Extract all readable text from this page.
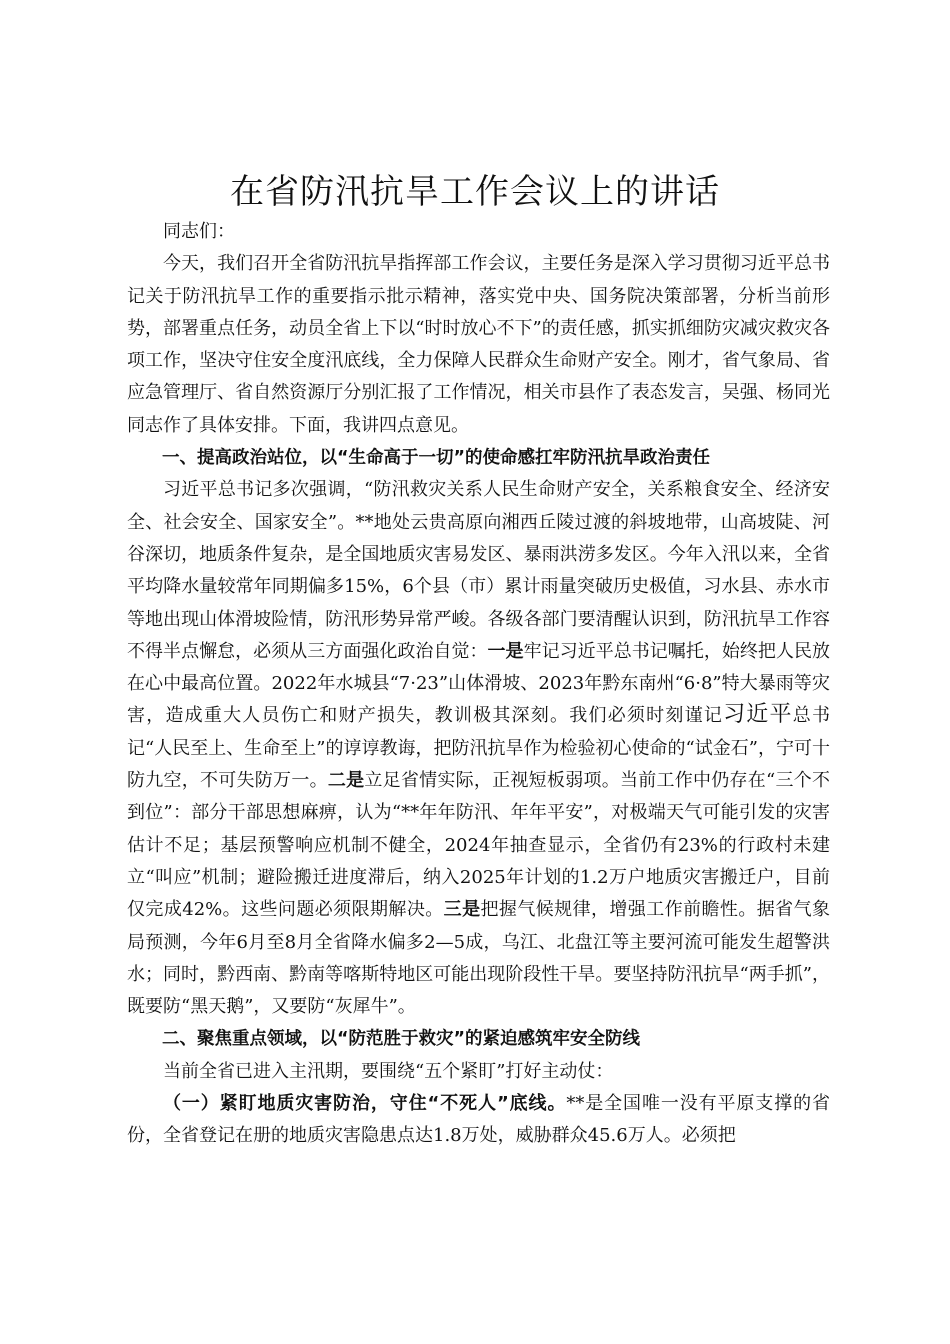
在省防汛抗旱工作会议上的讲话

同志们：

今天，我们召开全省防汛抗旱指挥部工作会议，主要任务是深入学习贯彻习近平总书记关于防汛抗旱工作的重要指示批示精神，落实党中央、国务院决策部署，分析当前形势，部署重点任务，动员全省上下以“时时放心不下”的责任感，抓实抓细防灾减灾救灾各项工作，坚决守住安全度汛底线，全力保障人民群众生命财产安全。刚才，省气象局、省应急管理厅、省自然资源厅分别汇报了工作情况，相关市县作了表态发言，吴强、杨同光同志作了具体安排。下面，我讲四点意见。

一、提高政治站位，以“生命高于一切”的使命感扛牢防汛抗旱政治责任

习近平总书记多次强调，“防汛救灾关系人民生命财产安全，关系粮食安全、经济安全、社会安全、国家安全”。**地处云贵高原向湘西丘陵过渡的斜坡地带，山高坡陡、河谷深切，地质条件复杂，是全国地质灾害易发区、暴雨洪涝多发区。今年入汛以来，全省平均降水量较常年同期偏多15%，6个县（市）累计雨量突破历史极值，习水县、赤水市等地出现山体滑坡险情，防汛形势异常严峻。各级各部门要清醒认识到，防汛抗旱工作容不得半点懈怠，必须从三方面强化政治自觉：一是牢记习近平总书记嘱托，始终把人民放在心中最高位置。2022年水城县“7·23”山体滑坡、2023年黔东南州“6·8”特大暴雨等灾害，造成重大人员伤亡和财产损失，教训极其深刻。我们必须时刻谨记习近平总书记“人民至上、生命至上”的谆谆教诲，把防汛抗旱作为检验初心使命的“试金石”，宁可十防九空，不可失防万一。二是立足省情实际，正视短板弱项。当前工作中仍存在“三个不到位”：部分干部思想麻痹，认为“**年年防汛、年年平安”，对极端天气可能引发的灾害估计不足；基层预警响应机制不健全，2024年抽查显示，全省仍有23%的行政村未建立“叫应”机制；避险搬迁进度滞后，纳入2025年计划的1.2万户地质灾害搬迁户，目前仅完成42%。这些问题必须限期解决。三是把握气候规律，增强工作前瞻性。据省气象局预测，今年6月至8月全省降水偏多2—5成，乌江、北盘江等主要河流可能发生超警洪水；同时，黔西南、黔南等喀斯特地区可能出现阶段性干旱。要坚持防汛抗旱“两手抓”，既要防“黑天鹅”，又要防“灰犀牛”。

二、聚焦重点领域，以“防范胜于救灾”的紧迫感筑牢安全防线

当前全省已进入主汛期，要围绕“五个紧盯”打好主动仗：

（一）紧盯地质灾害防治，守住“不死人”底线。**是全国唯一没有平原支撑的省份，全省登记在册的地质灾害隐患点达1.8万处，威胁群众45.6万人。必须把
